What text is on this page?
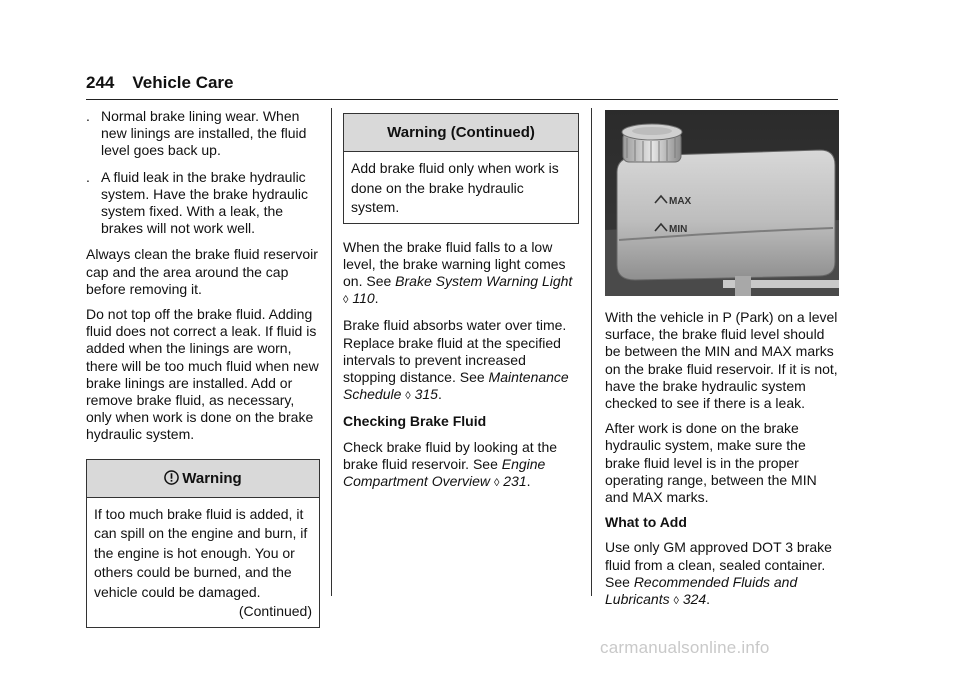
244 Vehicle Care
. Normal brake lining wear. When new linings are installed, the fluid level goes back up.
. A fluid leak in the brake hydraulic system. Have the brake hydraulic system fixed. With a leak, the brakes will not work well.

Always clean the brake fluid reservoir cap and the area around the cap before removing it.

Do not top off the brake fluid. Adding fluid does not correct a leak. If fluid is added when the linings are worn, there will be too much fluid when new brake linings are installed. Add or remove brake fluid, as necessary, only when work is done on the brake hydraulic system.

Warning
If too much brake fluid is added, it can spill on the engine and burn, if the engine is hot enough. You or others could be burned, and the vehicle could be damaged.
(Continued)
Warning (Continued)
Add brake fluid only when work is done on the brake hydraulic system.

When the brake fluid falls to a low level, the brake warning light comes on. See Brake System Warning Light ◊ 110.

Brake fluid absorbs water over time. Replace brake fluid at the specified intervals to prevent increased stopping distance. See Maintenance Schedule ◊ 315.

Checking Brake Fluid

Check brake fluid by looking at the brake fluid reservoir. See Engine Compartment Overview ◊ 231.

MAX
MIN

With the vehicle in P (Park) on a level surface, the brake fluid level should be between the MIN and MAX marks on the brake fluid reservoir. If it is not, have the brake hydraulic system checked to see if there is a leak.

After work is done on the brake hydraulic system, make sure the brake fluid level is in the proper operating range, between the MIN and MAX marks.

What to Add

Use only GM approved DOT 3 brake fluid from a clean, sealed container. See Recommended Fluids and Lubricants ◊ 324.

carmanualsonline.info
